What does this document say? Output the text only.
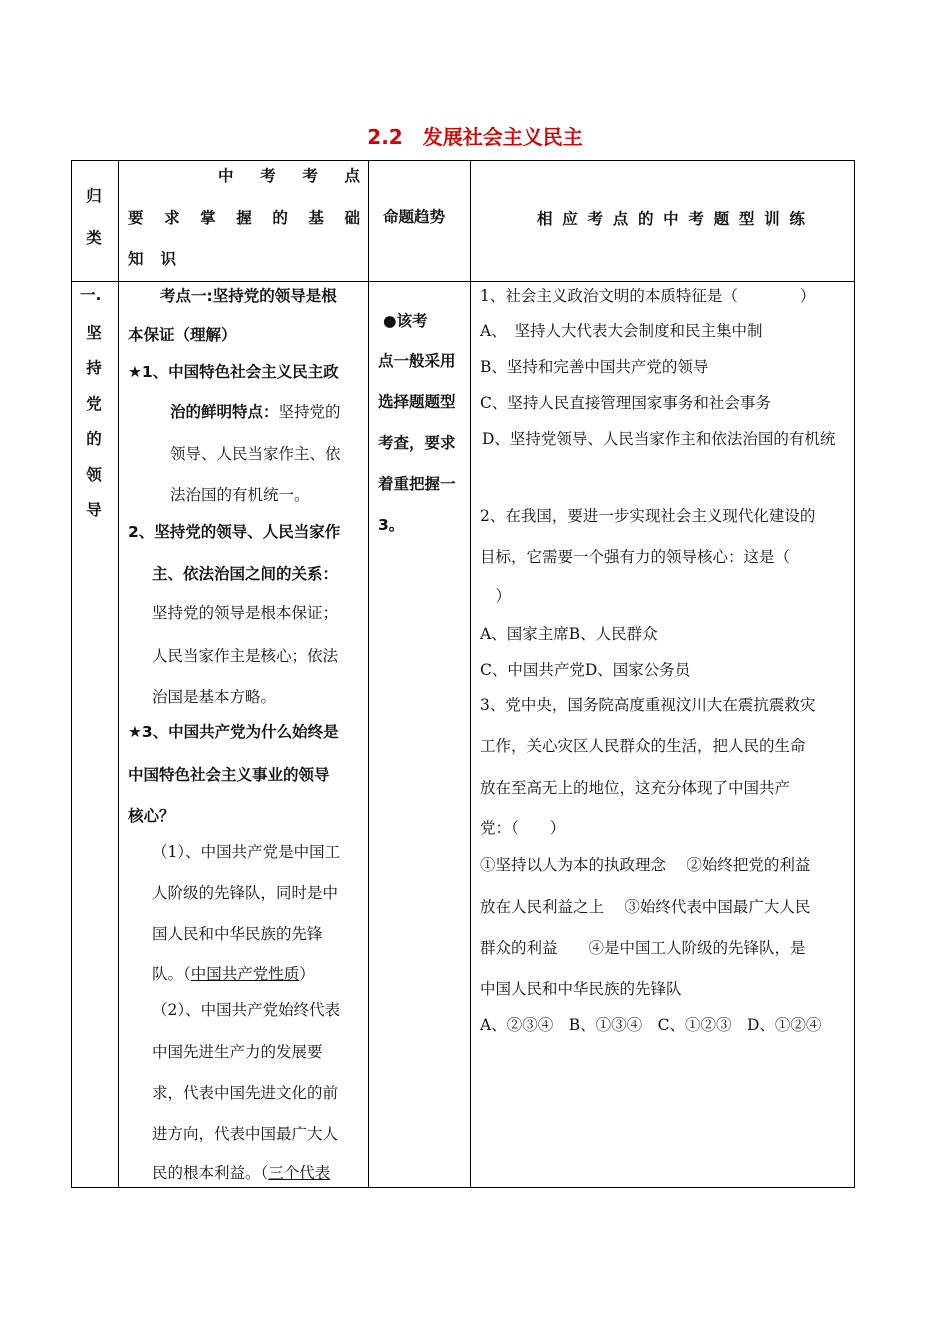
2.2　发展社会主义民主
归
类
中 考 考 点
要 求 掌 握 的 基 础
知 识
命题趋势	相 应 考 点 的 中 考 题 型 训 练
一.
坚
持
党
的
领
导
考点一:坚持党的领导是根
本保证（理解）
★1、中国特色社会主义民主政
治的鲜明特点：坚持党的
领导、人民当家作主、依
法治国的有机统一。
2、坚持党的领导、人民当家作
主、依法治国之间的关系：
坚持党的领导是根本保证；
人民当家作主是核心；依法
治国是基本方略。
★3、中国共产党为什么始终是
中国特色社会主义事业的领导
核心？
（1）、中国共产党是中国工
人阶级的先锋队，同时是中
国人民和中华民族的先锋
队。（中国共产党性质）
（2）、中国共产党始终代表
中国先进生产力的发展要
求，代表中国先进文化的前
进方向，代表中国最广大人
民的根本利益。（三个代表
●该考
点一般采用
选择题题型
考查，要求
着重把握一
3。
1、社会主义政治文明的本质特征是（　　　　）
A、　坚持人大代表大会制度和民主集中制
B、坚持和完善中国共产党的领导
C、坚持人民直接管理国家事务和社会事务
D、坚持党领导、人民当家作主和依法治国的有机统
2、在我国，要进一步实现社会主义现代化建设的
目标，它需要一个强有力的领导核心：这是（
　）
A、国家主席B、人民群众
C、中国共产党D、国家公务员
3、党中央，国务院高度重视汶川大在震抗震救灾
工作，关心灾区人民群众的生活，把人民的生命
放在至高无上的地位，这充分体现了中国共产
党：（　　）
①坚持以人为本的执政理念　 ②始终把党的利益
放在人民利益之上　 ③始终代表中国最广大人民
群众的利益　　④是中国工人阶级的先锋队，是
中国人民和中华民族的先锋队
A、②③④　B、①③④　C、①②③　D、①②④
